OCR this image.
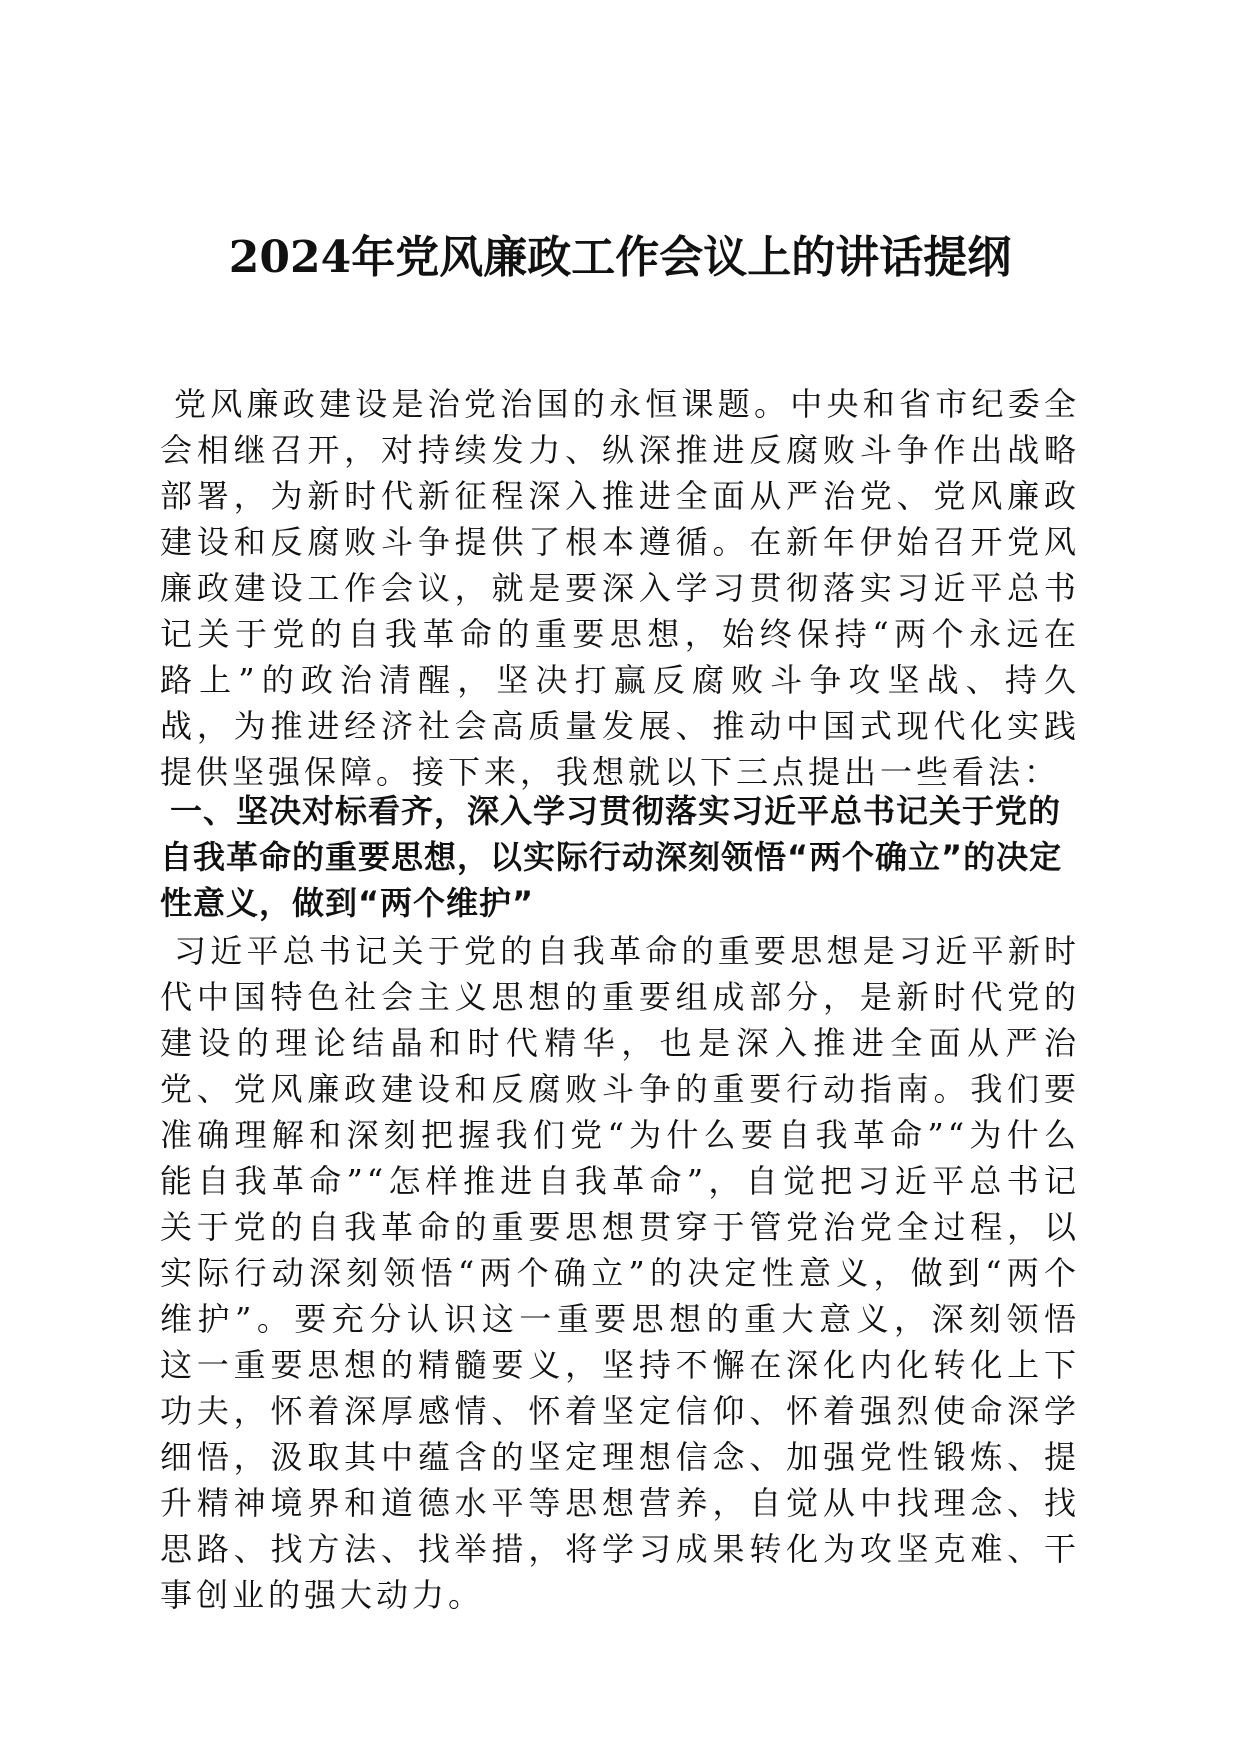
2024年党风廉政工作会议上的讲话提纲

党风廉政建设是治党治国的永恒课题。中央和省市纪委全会相继召开，对持续发力、纵深推进反腐败斗争作出战略部署，为新时代新征程深入推进全面从严治党、党风廉政建设和反腐败斗争提供了根本遵循。在新年伊始召开党风廉政建设工作会议，就是要深入学习贯彻落实习近平总书记关于党的自我革命的重要思想，始终保持“两个永远在路上”的政治清醒，坚决打赢反腐败斗争攻坚战、持久战，为推进经济社会高质量发展、推动中国式现代化实践提供坚强保障。接下来，我想就以下三点提出一些看法：

一、坚决对标看齐，深入学习贯彻落实习近平总书记关于党的自我革命的重要思想，以实际行动深刻领悟“两个确立”的决定性意义，做到“两个维护”

习近平总书记关于党的自我革命的重要思想是习近平新时代中国特色社会主义思想的重要组成部分，是新时代党的建设的理论结晶和时代精华，也是深入推进全面从严治党、党风廉政建设和反腐败斗争的重要行动指南。我们要准确理解和深刻把握我们党“为什么要自我革命”“为什么能自我革命”“怎样推进自我革命”，自觉把习近平总书记关于党的自我革命的重要思想贯穿于管党治党全过程，以实际行动深刻领悟“两个确立”的决定性意义，做到“两个维护”。要充分认识这一重要思想的重大意义，深刻领悟这一重要思想的精髓要义，坚持不懈在深化内化转化上下功夫，怀着深厚感情、怀着坚定信仰、怀着强烈使命深学细悟，汲取其中蕴含的坚定理想信念、加强党性锻炼、提升精神境界和道德水平等思想营养，自觉从中找理念、找思路、找方法、找举措，将学习成果转化为攻坚克难、干事创业的强大动力。
